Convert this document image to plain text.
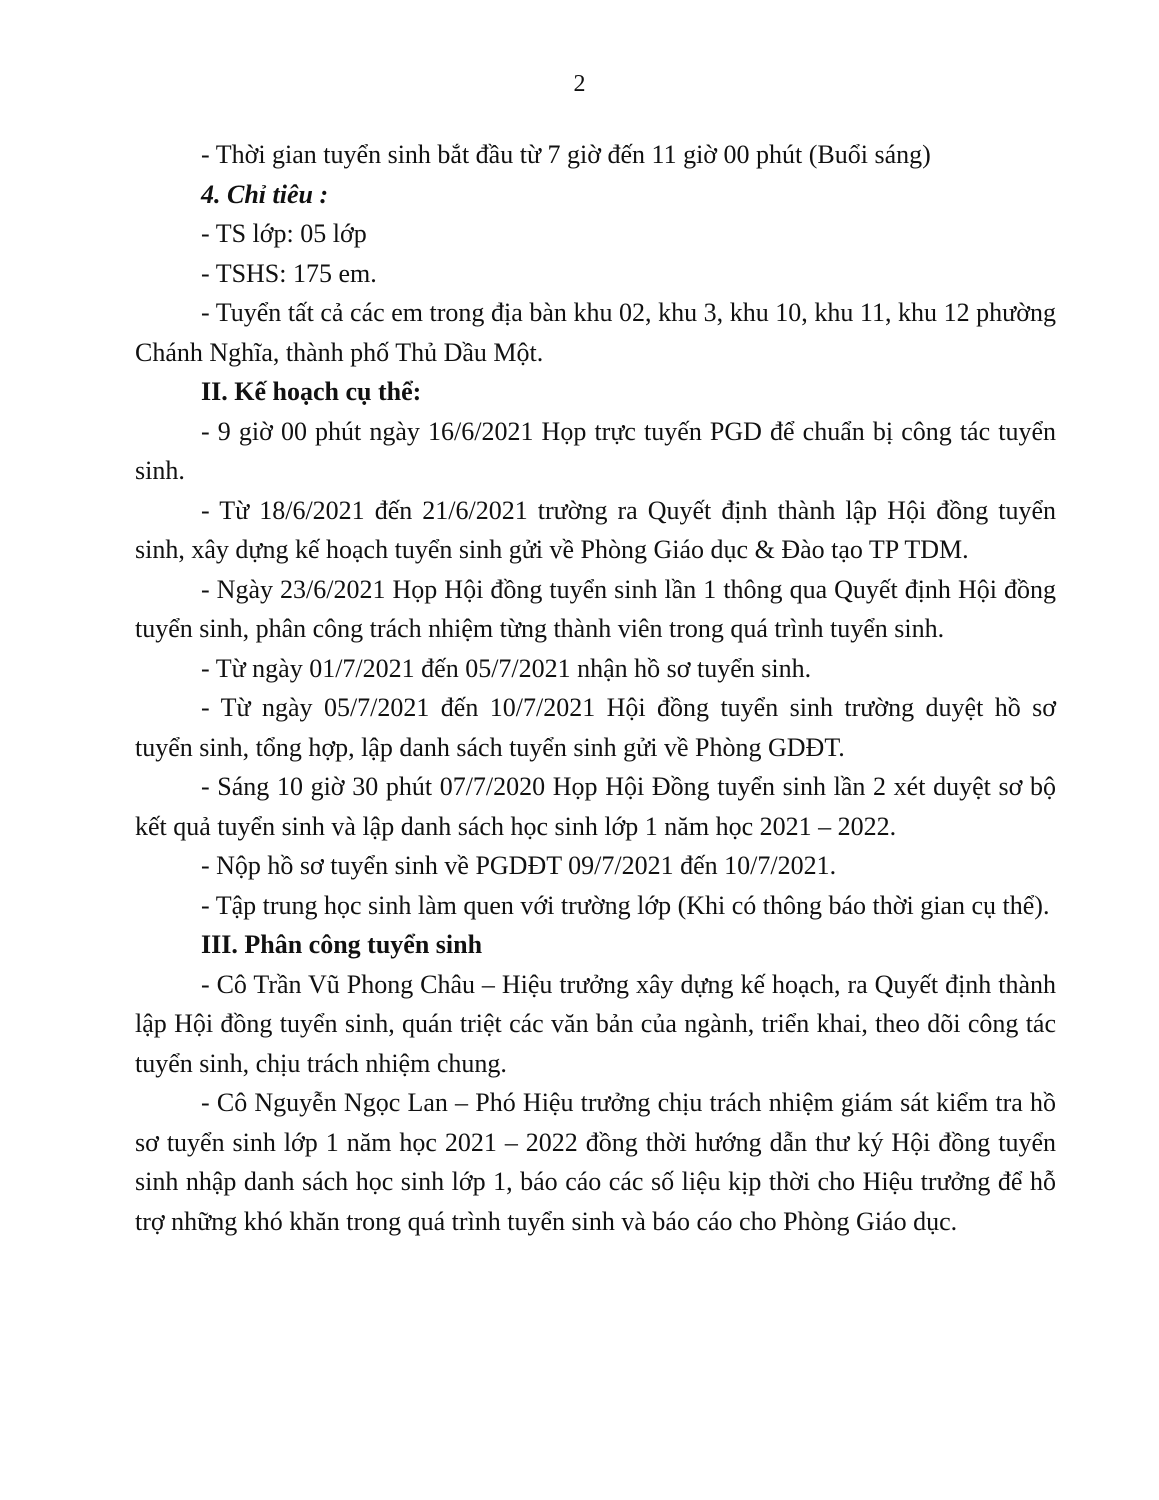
2

- Thời gian tuyển sinh bắt đầu từ 7 giờ đến 11 giờ 00 phút (Buổi sáng)

4. Chỉ tiêu :

- TS lớp: 05 lớp

- TSHS: 175 em.

- Tuyển tất cả các em trong địa bàn khu 02, khu 3, khu 10, khu 11, khu 12 phường Chánh Nghĩa, thành phố Thủ Dầu Một.

II. Kế hoạch cụ thể:

- 9 giờ 00 phút ngày 16/6/2021 Họp trực tuyến PGD để chuẩn bị công tác tuyển sinh.

- Từ 18/6/2021 đến 21/6/2021 trường ra Quyết định thành lập Hội đồng tuyển sinh, xây dựng kế hoạch tuyển sinh gửi về Phòng Giáo dục & Đào tạo TP TDM.

- Ngày 23/6/2021 Họp Hội đồng tuyển sinh lần 1 thông qua Quyết định Hội đồng tuyển sinh, phân công trách nhiệm từng thành viên trong quá trình tuyển sinh.

- Từ ngày 01/7/2021 đến 05/7/2021 nhận hồ sơ tuyển sinh.

- Từ ngày 05/7/2021 đến 10/7/2021 Hội đồng tuyển sinh trường duyệt hồ sơ tuyển sinh, tổng hợp, lập danh sách tuyển sinh gửi về Phòng GDĐT.

- Sáng 10 giờ 30 phút 07/7/2020 Họp Hội Đồng tuyển sinh lần 2 xét duyệt sơ bộ kết quả tuyển sinh và lập danh sách học sinh lớp 1 năm học 2021 – 2022.

- Nộp hồ sơ tuyển sinh về PGDĐT 09/7/2021 đến 10/7/2021.

- Tập trung học sinh làm quen với trường lớp (Khi có thông báo thời gian cụ thể).

III. Phân công tuyển sinh

- Cô Trần Vũ Phong Châu – Hiệu trưởng xây dựng kế hoạch, ra Quyết định thành lập Hội đồng tuyển sinh, quán triệt các văn bản của ngành, triển khai, theo dõi công tác tuyển sinh, chịu trách nhiệm chung.

- Cô Nguyễn Ngọc Lan – Phó Hiệu trưởng chịu trách nhiệm giám sát kiểm tra hồ sơ tuyển sinh lớp 1 năm học 2021 – 2022 đồng thời hướng dẫn thư ký Hội đồng tuyển sinh nhập danh sách học sinh lớp 1, báo cáo các số liệu kịp thời cho Hiệu trưởng để hỗ trợ những khó khăn trong quá trình tuyển sinh và báo cáo cho Phòng Giáo dục.
